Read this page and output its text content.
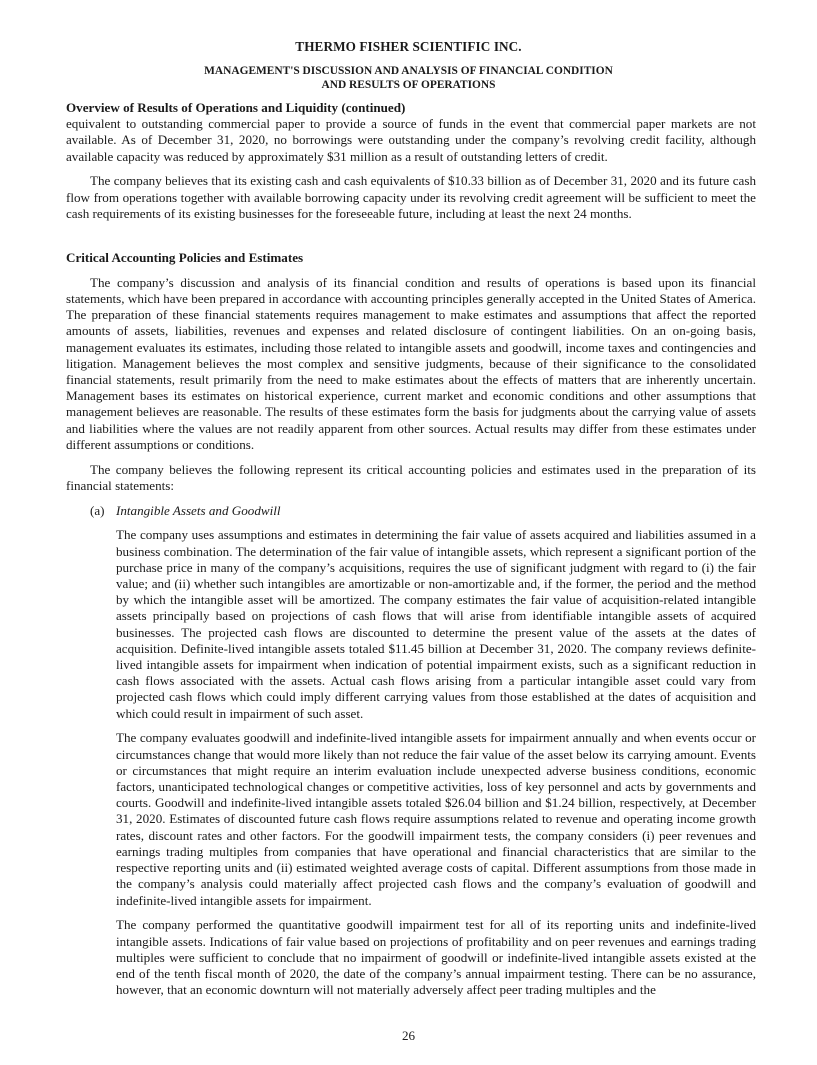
THERMO FISHER SCIENTIFIC INC.
MANAGEMENT'S DISCUSSION AND ANALYSIS OF FINANCIAL CONDITION
AND RESULTS OF OPERATIONS
Overview of Results of Operations and Liquidity (continued)

equivalent to outstanding commercial paper to provide a source of funds in the event that commercial paper markets are not available. As of December 31, 2020, no borrowings were outstanding under the company’s revolving credit facility, although available capacity was reduced by approximately $31 million as a result of outstanding letters of credit.

The company believes that its existing cash and cash equivalents of $10.33 billion as of December 31, 2020 and its future cash flow from operations together with available borrowing capacity under its revolving credit agreement will be sufficient to meet the cash requirements of its existing businesses for the foreseeable future, including at least the next 24 months.

Critical Accounting Policies and Estimates

The company’s discussion and analysis of its financial condition and results of operations is based upon its financial statements, which have been prepared in accordance with accounting principles generally accepted in the United States of America. The preparation of these financial statements requires management to make estimates and assumptions that affect the reported amounts of assets, liabilities, revenues and expenses and related disclosure of contingent liabilities. On an on-going basis, management evaluates its estimates, including those related to intangible assets and goodwill, income taxes and contingencies and litigation. Management believes the most complex and sensitive judgments, because of their significance to the consolidated financial statements, result primarily from the need to make estimates about the effects of matters that are inherently uncertain. Management bases its estimates on historical experience, current market and economic conditions and other assumptions that management believes are reasonable. The results of these estimates form the basis for judgments about the carrying value of assets and liabilities where the values are not readily apparent from other sources. Actual results may differ from these estimates under different assumptions or conditions.

The company believes the following represent its critical accounting policies and estimates used in the preparation of its financial statements:

(a) Intangible Assets and Goodwill

The company uses assumptions and estimates in determining the fair value of assets acquired and liabilities assumed in a business combination. The determination of the fair value of intangible assets, which represent a significant portion of the purchase price in many of the company’s acquisitions, requires the use of significant judgment with regard to (i) the fair value; and (ii) whether such intangibles are amortizable or non-amortizable and, if the former, the period and the method by which the intangible asset will be amortized. The company estimates the fair value of acquisition-related intangible assets principally based on projections of cash flows that will arise from identifiable intangible assets of acquired businesses. The projected cash flows are discounted to determine the present value of the assets at the dates of acquisition. Definite-lived intangible assets totaled $11.45 billion at December 31, 2020. The company reviews definite-lived intangible assets for impairment when indication of potential impairment exists, such as a significant reduction in cash flows associated with the assets. Actual cash flows arising from a particular intangible asset could vary from projected cash flows which could imply different carrying values from those established at the dates of acquisition and which could result in impairment of such asset.

The company evaluates goodwill and indefinite-lived intangible assets for impairment annually and when events occur or circumstances change that would more likely than not reduce the fair value of the asset below its carrying amount. Events or circumstances that might require an interim evaluation include unexpected adverse business conditions, economic factors, unanticipated technological changes or competitive activities, loss of key personnel and acts by governments and courts. Goodwill and indefinite-lived intangible assets totaled $26.04 billion and $1.24 billion, respectively, at December 31, 2020. Estimates of discounted future cash flows require assumptions related to revenue and operating income growth rates, discount rates and other factors. For the goodwill impairment tests, the company considers (i) peer revenues and earnings trading multiples from companies that have operational and financial characteristics that are similar to the respective reporting units and (ii) estimated weighted average costs of capital. Different assumptions from those made in the company’s analysis could materially affect projected cash flows and the company’s evaluation of goodwill and indefinite-lived intangible assets for impairment.

The company performed the quantitative goodwill impairment test for all of its reporting units and indefinite-lived intangible assets. Indications of fair value based on projections of profitability and on peer revenues and earnings trading multiples were sufficient to conclude that no impairment of goodwill or indefinite-lived intangible assets existed at the end of the tenth fiscal month of 2020, the date of the company’s annual impairment testing. There can be no assurance, however, that an economic downturn will not materially adversely affect peer trading multiples and the

26
